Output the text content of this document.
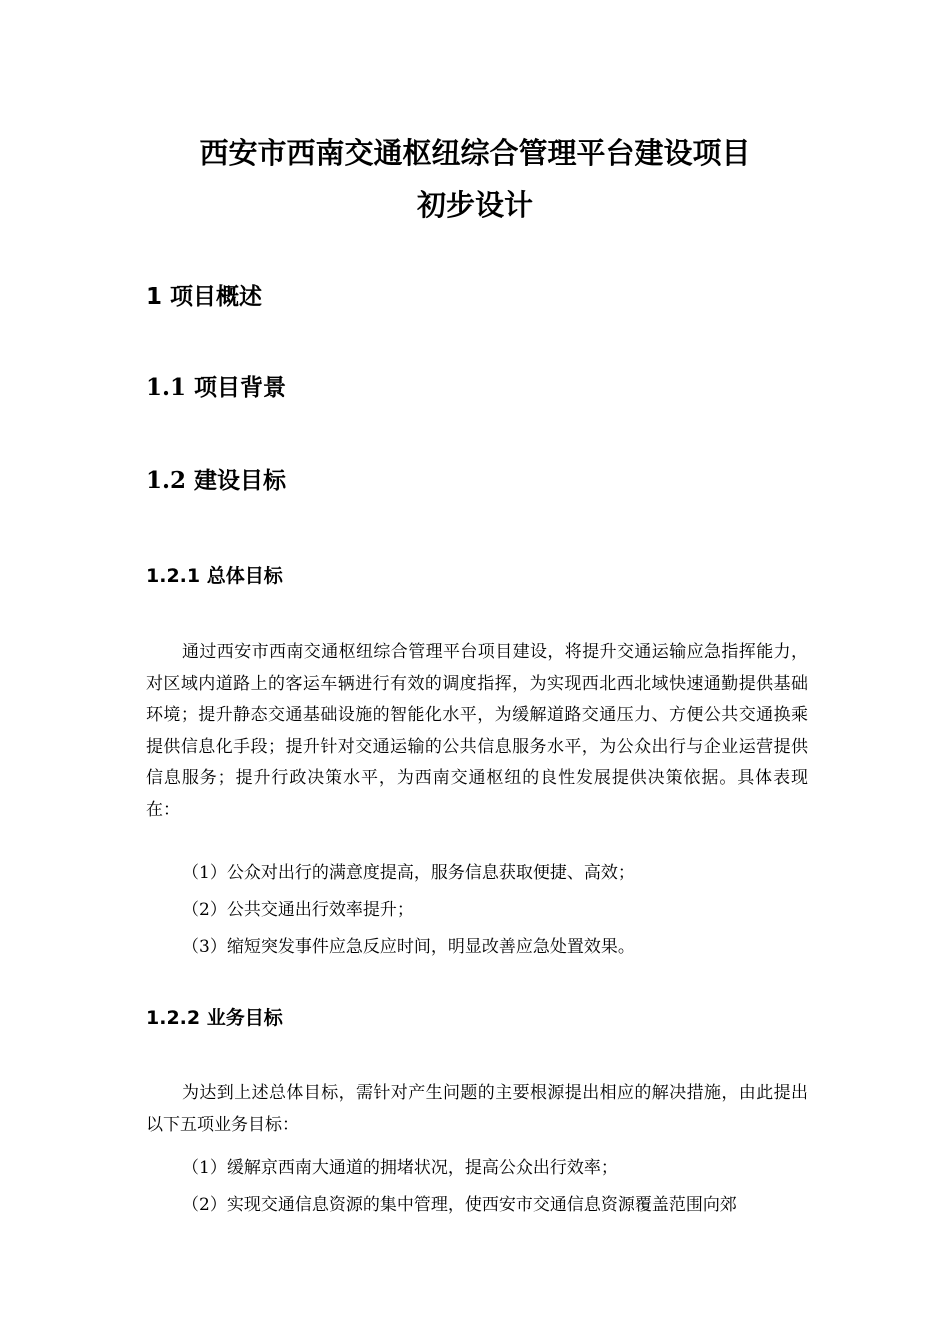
西安市西南交通枢纽综合管理平台建设项目
初步设计
1 项目概述
1.1 项目背景
1.2 建设目标
1.2.1 总体目标

通过西安市西南交通枢纽综合管理平台项目建设，将提升交通运输应急指挥能力，对区域内道路上的客运车辆进行有效的调度指挥，为实现西北西北域快速通勤提供基础环境；提升静态交通基础设施的智能化水平，为缓解道路交通压力、方便公共交通换乘提供信息化手段；提升针对交通运输的公共信息服务水平，为公众出行与企业运营提供信息服务；提升行政决策水平，为西南交通枢纽的良性发展提供决策依据。具体表现在：

（1）公众对出行的满意度提高，服务信息获取便捷、高效；

（2）公共交通出行效率提升；

（3）缩短突发事件应急反应时间，明显改善应急处置效果。

1.2.2 业务目标

为达到上述总体目标，需针对产生问题的主要根源提出相应的解决措施，由此提出以下五项业务目标：

（1）缓解京西南大通道的拥堵状况，提高公众出行效率；

（2）实现交通信息资源的集中管理，使西安市交通信息资源覆盖范围向郊
